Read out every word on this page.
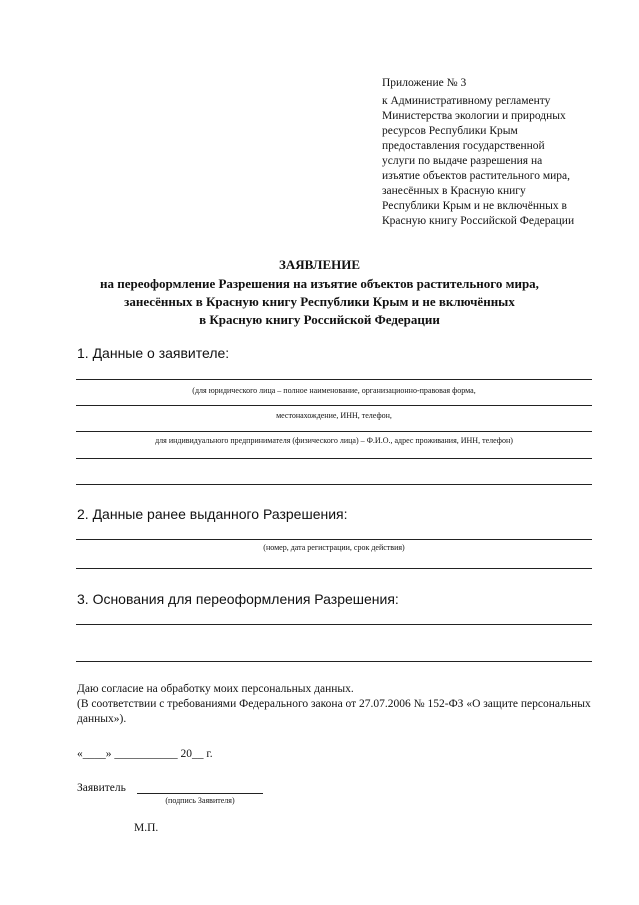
Приложение № 3
к Административному регламенту
Министерства экологии и природных
ресурсов Республики Крым
предоставления государственной
услуги по выдаче разрешения на
изъятие объектов растительного мира,
занесённых в Красную книгу
Республики Крым и не включённых в
Красную книгу Российской Федерации
ЗАЯВЛЕНИЕ
на переоформление Разрешения на изъятие объектов растительного мира,
занесённых в Красную книгу Республики Крым и не включённых
в Красную книгу Российской Федерации
1. Данные о заявителе:
(для юридического лица – полное наименование, организационно-правовая форма,
местонахождение, ИНН, телефон,
для индивидуального предпринимателя (физического лица) – Ф.И.О., адрес проживания, ИНН, телефон)
2. Данные ранее выданного Разрешения:
(номер, дата регистрации, срок действия)
3. Основания для переоформления Разрешения:
Даю согласие на обработку моих персональных данных.
(В соответствии с требованиями Федерального закона от 27.07.2006 № 152-ФЗ «О защите персональных
данных»).
«____» ___________ 20__ г.
Заявитель
(подпись Заявителя)
М.П.
